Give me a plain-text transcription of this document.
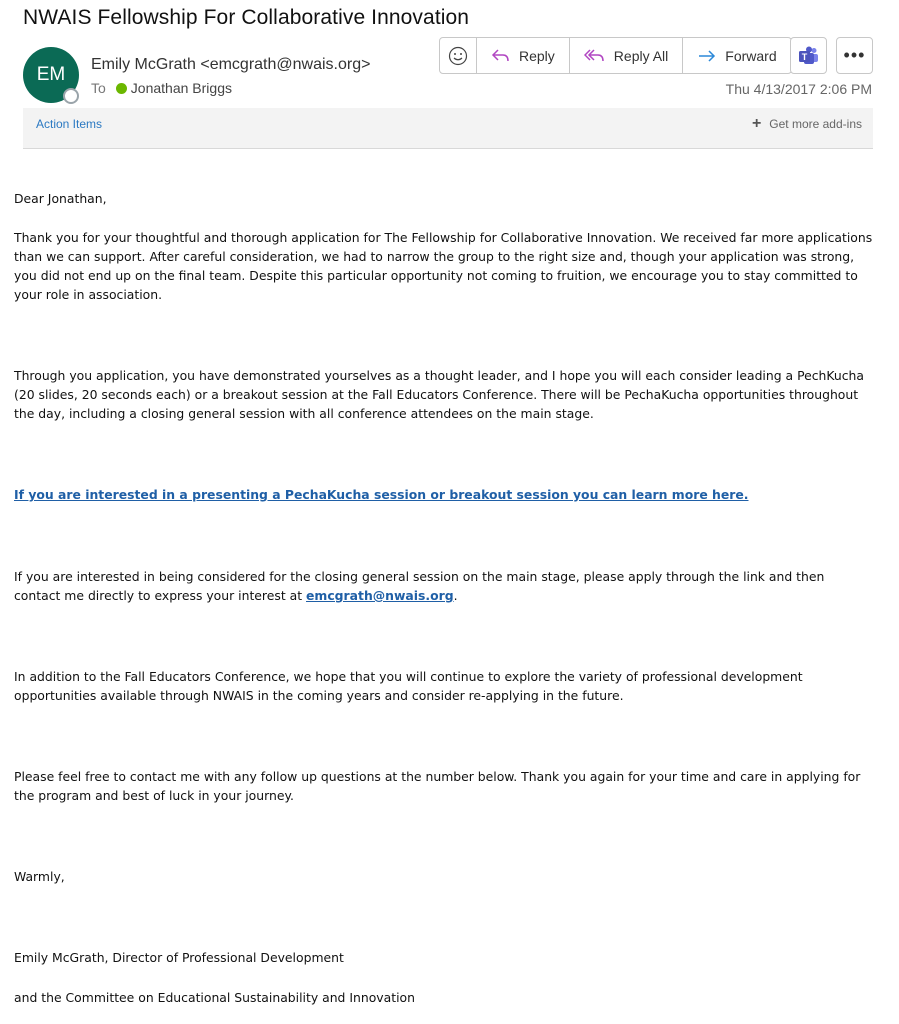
NWAIS Fellowship For Collaborative Innovation
EM Emily McGrath <emcgrath@nwais.org>
To Jonathan Briggs
Reply	Reply All	Forward	T	•••
Thu 4/13/2017 2:06 PM
Action Items	+ Get more add-ins
Dear Jonathan,
Thank you for your thoughtful and thorough application for The Fellowship for Collaborative Innovation. We received far more applications than we can support. After careful consideration, we had to narrow the group to the right size and, though your application was strong, you did not end up on the final team. Despite this particular opportunity not coming to fruition, we encourage you to stay committed to your role in association.
Through you application, you have demonstrated yourselves as a thought leader, and I hope you will each consider leading a PechKucha (20 slides, 20 seconds each) or a breakout session at the Fall Educators Conference. There will be PechaKucha opportunities throughout the day, including a closing general session with all conference attendees on the main stage.
If you are interested in a presenting a PechaKucha session or breakout session you can learn more here.
If you are interested in being considered for the closing general session on the main stage, please apply through the link and then contact me directly to express your interest at emcgrath@nwais.org.
In addition to the Fall Educators Conference, we hope that you will continue to explore the variety of professional development opportunities available through NWAIS in the coming years and consider re-applying in the future.
Please feel free to contact me with any follow up questions at the number below. Thank you again for your time and care in applying for the program and best of luck in your journey.
Warmly,
Emily McGrath, Director of Professional Development
and the Committee on Educational Sustainability and Innovation
